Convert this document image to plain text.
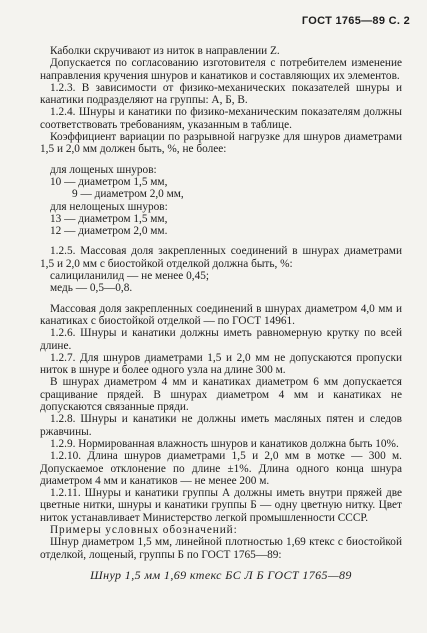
ГОСТ 1765—89 С. 2

Каболки скручивают из ниток в направлении Z.

Допускается по согласованию изготовителя с потребителем изменение направления кручения шнуров и канатиков и составляющих их элементов.

1.2.3. В зависимости от физико-механических показателей шнуры и канатики подразделяют на группы: А, Б, В.

1.2.4. Шнуры и канатики по физико-механическим показателям должны соответствовать требованиям, указанным в таблице.

Коэффициент вариации по разрывной нагрузке для шнуров диаметрами 1,5 и 2,0 мм должен быть, %, не более:

для лощеных шнуров:

10 — диаметром 1,5 мм,

9 — диаметром 2,0 мм,

для нелощеных шнуров:

13 — диаметром 1,5 мм,

12 — диаметром 2,0 мм.

1.2.5. Массовая доля закрепленных соединений в шнурах диаметрами 1,5 и 2,0 мм с биостойкой отделкой должна быть, %:

салициланилид — не менее 0,45;

медь — 0,5—0,8.

Массовая доля закрепленных соединений в шнурах диаметром 4,0 мм и канатиках с биостойкой отделкой — по ГОСТ 14961.

1.2.6. Шнуры и канатики должны иметь равномерную крутку по всей длине.

1.2.7. Для шнуров диаметрами 1,5 и 2,0 мм не допускаются пропуски ниток в шнуре и более одного узла на длине 300 м.

В шнурах диаметром 4 мм и канатиках диаметром 6 мм допускается сращивание прядей. В шнурах диаметром 4 мм и канатиках не допускаются связанные пряди.

1.2.8. Шнуры и канатики не должны иметь масляных пятен и следов ржавчины.

1.2.9. Нормированная влажность шнуров и канатиков должна быть 10%.

1.2.10. Длина шнуров диаметрами 1,5 и 2,0 мм в мотке — 300 м. Допускаемое отклонение по длине ±1%. Длина одного конца шнура диаметром 4 мм и канатиков — не менее 200 м.

1.2.11. Шнуры и канатики группы А должны иметь внутри пряжей две цветные нитки, шнуры и канатики группы Б — одну цветную нитку. Цвет ниток устанавливает Министерство легкой промышленности СССР.

Примеры условных обозначений:

Шнур диаметром 1,5 мм, линейной плотностью 1,69 ктекс с биостойкой отделкой, лощеный, группы Б по ГОСТ 1765—89:

Шнур 1,5 мм 1,69 ктекс БС Л Б ГОСТ 1765—89
